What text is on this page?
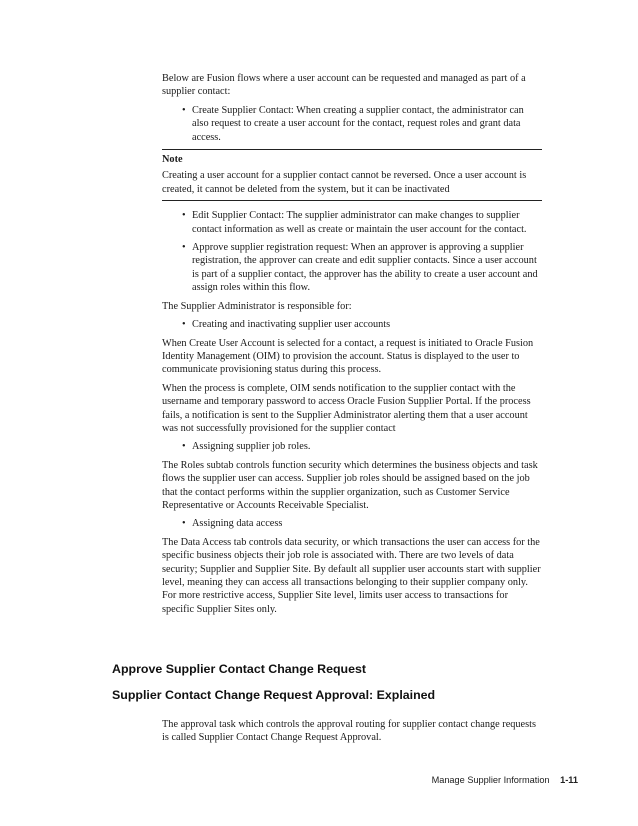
Below are Fusion flows where a user account can be requested and managed as part of a supplier contact:

• Create Supplier Contact: When creating a supplier contact, the administrator can also request to create a user account for the contact, request roles and grant data access.
Note
Creating a user account for a supplier contact cannot be reversed. Once a user account is created, it cannot be deleted from the system, but it can be inactivated
• Edit Supplier Contact: The supplier administrator can make changes to supplier contact information as well as create or maintain the user account for the contact.
• Approve supplier registration request: When an approver is approving a supplier registration, the approver can create and edit supplier contacts. Since a user account is part of a supplier contact, the approver has the ability to create a user account and assign roles within this flow.

The Supplier Administrator is responsible for:

• Creating and inactivating supplier user accounts

When Create User Account is selected for a contact, a request is initiated to Oracle Fusion Identity Management (OIM) to provision the account. Status is displayed to the user to communicate provisioning status during this process.

When the process is complete, OIM sends notification to the supplier contact with the username and temporary password to access Oracle Fusion Supplier Portal. If the process fails, a notification is sent to the Supplier Administrator alerting them that a user account was not successfully provisioned for the supplier contact

• Assigning supplier job roles.

The Roles subtab controls function security which determines the business objects and task flows the supplier user can access. Supplier job roles should be assigned based on the job that the contact performs within the supplier organization, such as Customer Service Representative or Accounts Receivable Specialist.

• Assigning data access

The Data Access tab controls data security, or which transactions the user can access for the specific business objects their job role is associated with. There are two levels of data security; Supplier and Supplier Site. By default all supplier user accounts start with supplier level, meaning they can access all transactions belonging to their supplier company only. For more restrictive access, Supplier Site level, limits user access to transactions for specific Supplier Sites only.

Approve Supplier Contact Change Request
Supplier Contact Change Request Approval: Explained

The approval task which controls the approval routing for supplier contact change requests is called Supplier Contact Change Request Approval.

Manage Supplier Information 1-11
